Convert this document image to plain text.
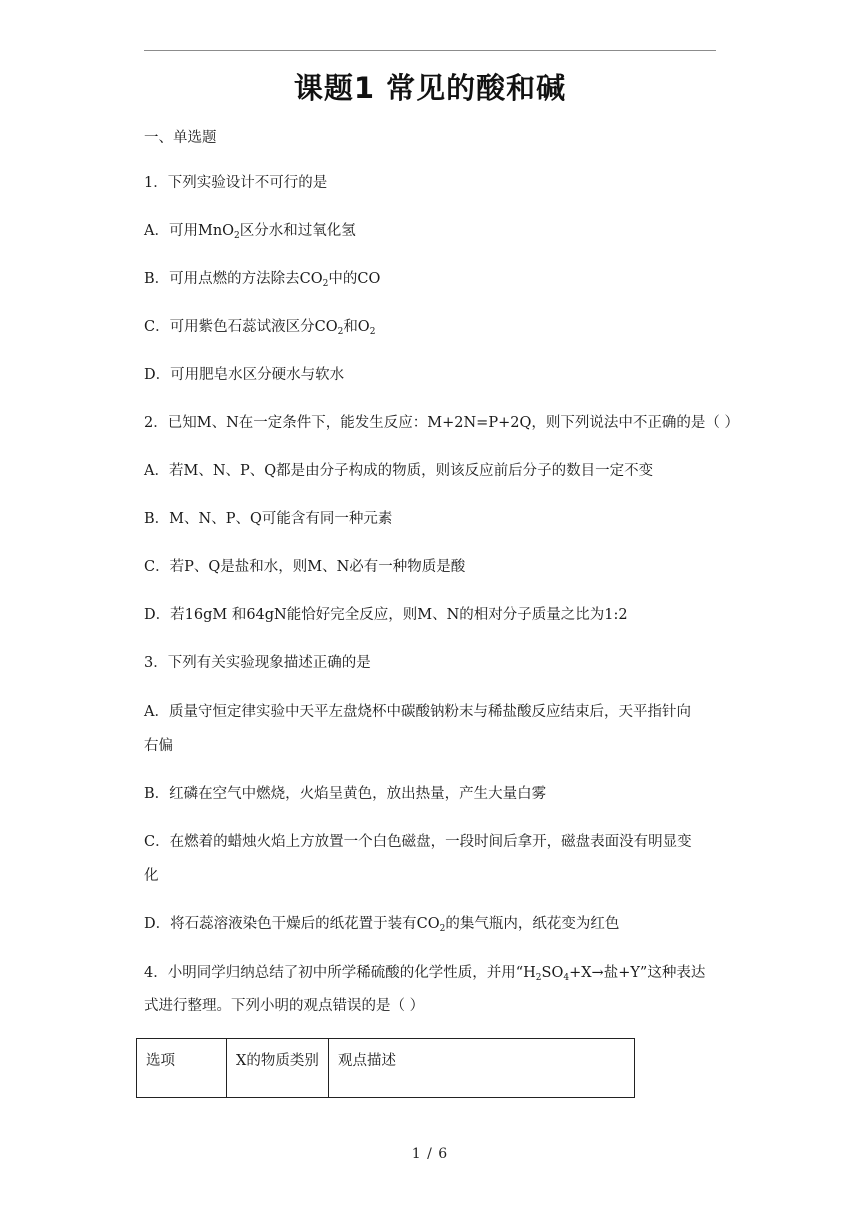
课题1 常见的酸和碱
一、单选题
1．下列实验设计不可行的是
A．可用MnO$_2$区分水和过氧化氢
B．可用点燃的方法除去$CO_2$中的CO
C．可用紫色石蕊试液区分$CO_2$和$O_2$
D．可用肥皂水区分硬水与软水
2．已知M、N在一定条件下，能发生反应：M+2N=P+2Q，则下列说法中不正确的是（ ）
A．若M、N、P、Q都是由分子构成的物质，则该反应前后分子的数目一定不变
B．M、N、P、Q可能含有同一种元素
C．若P、Q是盐和水，则M、N必有一种物质是酸
D．若16gM 和64gN能恰好完全反应，则M、N的相对分子质量之比为1:2
3．下列有关实验现象描述正确的是
A．质量守恒定律实验中天平左盘烧杯中碳酸钠粉末与稀盐酸反应结束后，天平指针向
右偏
B．红磷在空气中燃烧，火焰呈黄色，放出热量，产生大量白雾
C．在燃着的蜡烛火焰上方放置一个白色磁盘，一段时间后拿开，磁盘表面没有明显变
化
D．将石蕊溶液染色干燥后的纸花置于装有$CO_2$的集气瓶内，纸花变为红色
4．小明同学归纳总结了初中所学稀硫酸的化学性质，并用“$H_2SO_4+X\to$盐+Y”这种表达
式进行整理。下列小明的观点错误的是（ ）
选项	X的物质类别	观点描述
1 / 6
